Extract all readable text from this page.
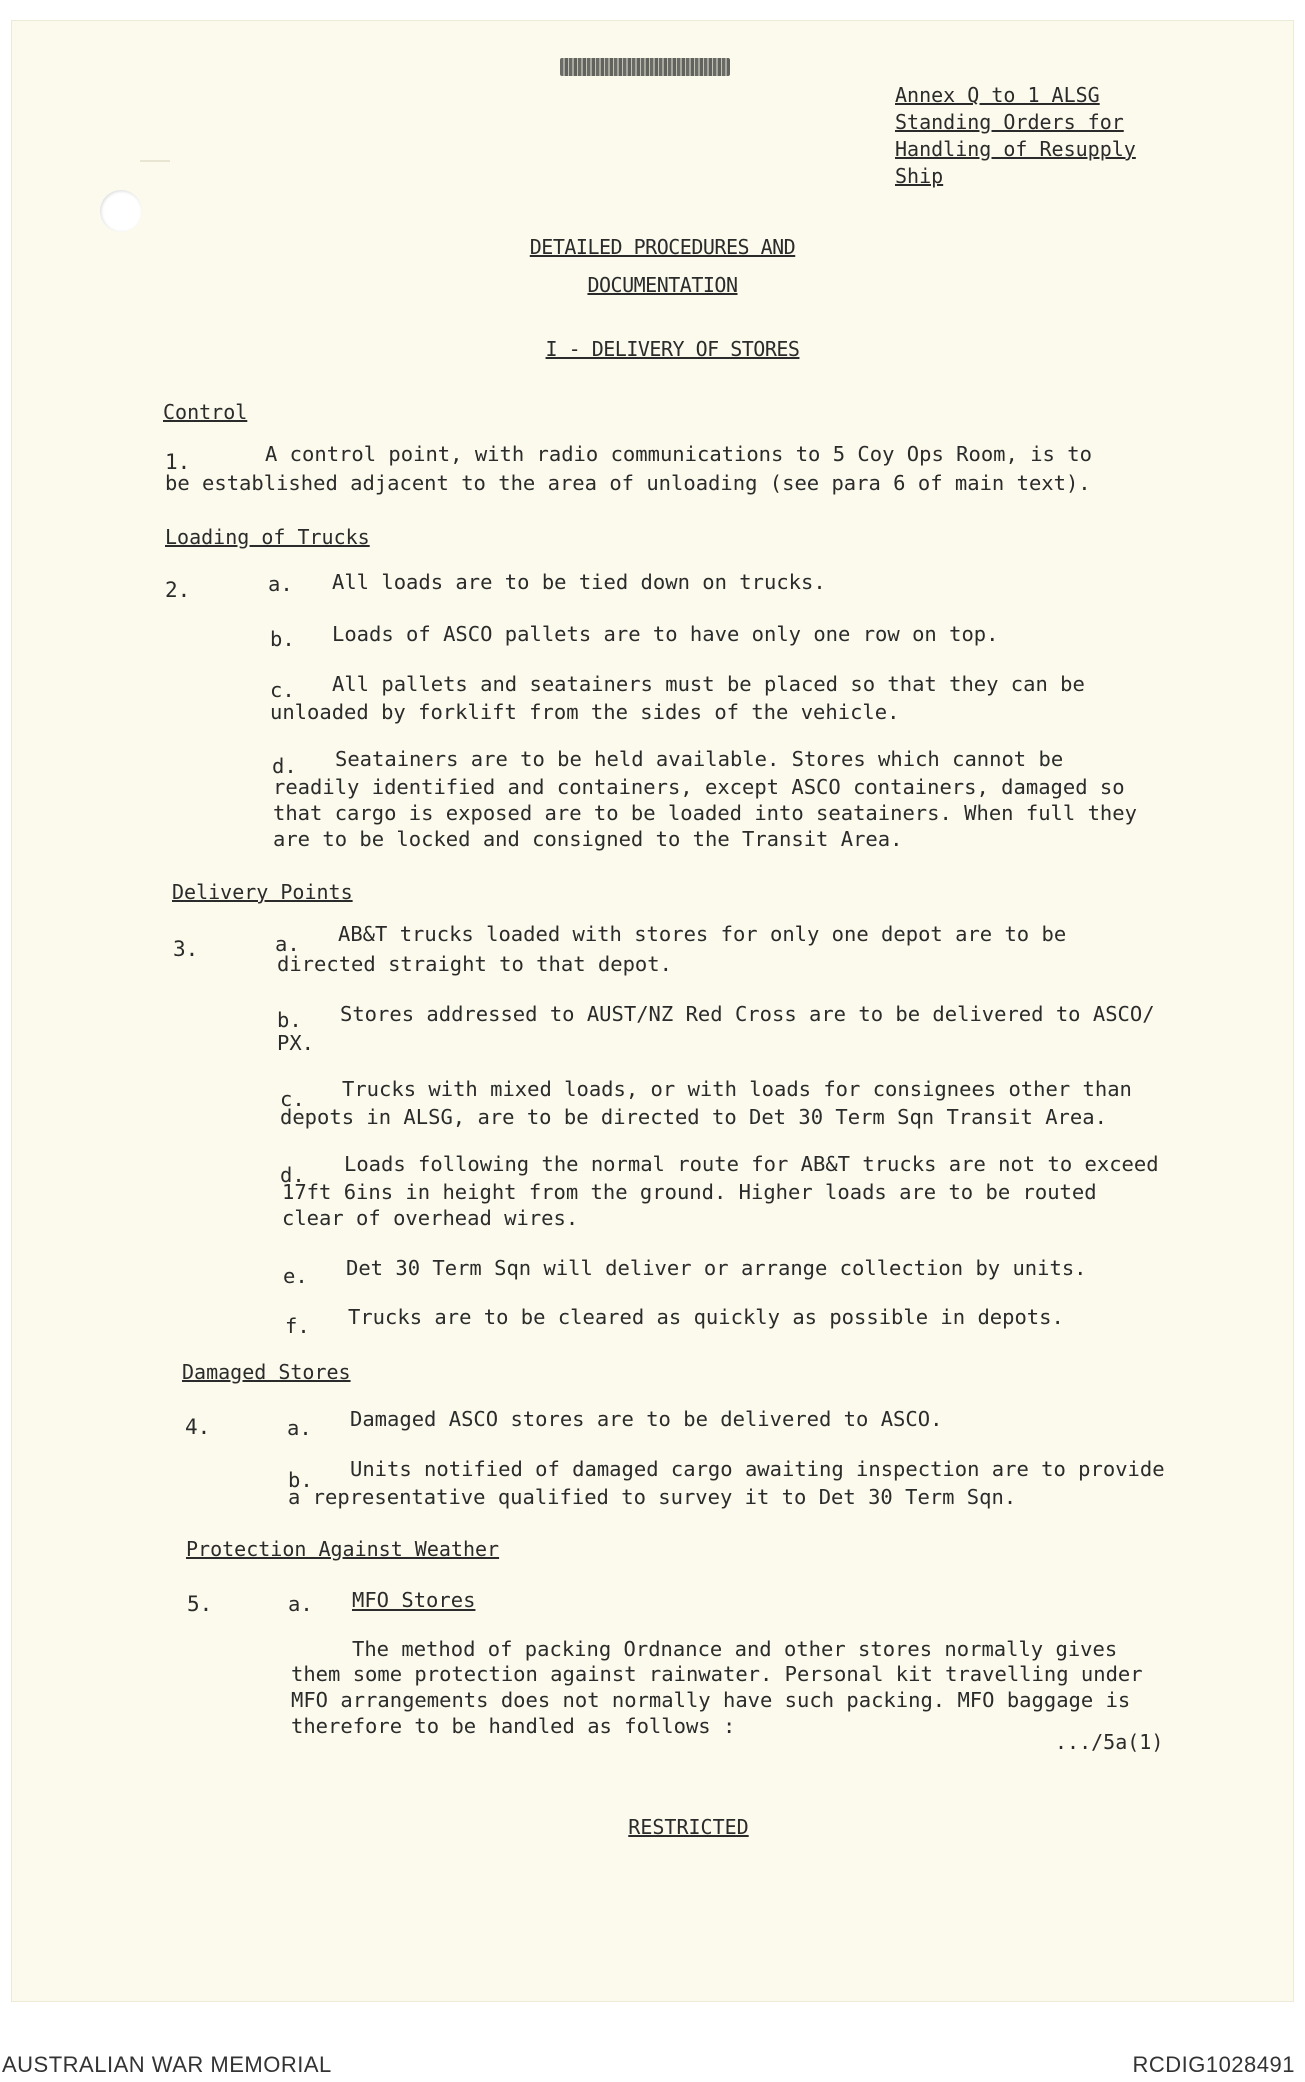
Annex Q to 1 ALSG
Standing Orders for
Handling of Resupply
Ship
DETAILED PROCEDURES AND
DOCUMENTATION
I - DELIVERY OF STORES
Control
1.	A control point, with radio communications to 5 Coy Ops Room, is to
be established adjacent to the area of unloading (see para 6 of main text).
Loading of Trucks
2.	a. All loads are to be tied down on trucks.
b. Loads of ASCO pallets are to have only one row on top.
c. All pallets and seatainers must be placed so that they can be
unloaded by forklift from the sides of the vehicle.
d. Seatainers are to be held available. Stores which cannot be
readily identified and containers, except ASCO containers, damaged so
that cargo is exposed are to be loaded into seatainers. When full they
are to be locked and consigned to the Transit Area.
Delivery Points
3.	a. AB&T trucks loaded with stores for only one depot are to be
directed straight to that depot.
b. Stores addressed to AUST/NZ Red Cross are to be delivered to ASCO/
PX.
c. Trucks with mixed loads, or with loads for consignees other than
depots in ALSG, are to be directed to Det 30 Term Sqn Transit Area.
d. Loads following the normal route for AB&T trucks are not to exceed
17ft 6ins in height from the ground. Higher loads are to be routed
clear of overhead wires.
e. Det 30 Term Sqn will deliver or arrange collection by units.
f. Trucks are to be cleared as quickly as possible in depots.
Damaged Stores
4.	a. Damaged ASCO stores are to be delivered to ASCO.
b. Units notified of damaged cargo awaiting inspection are to provide
a representative qualified to survey it to Det 30 Term Sqn.
Protection Against Weather
5.	a. MFO Stores
The method of packing Ordnance and other stores normally gives
them some protection against rainwater. Personal kit travelling under
MFO arrangements does not normally have such packing. MFO baggage is
therefore to be handled as follows :
.../5a(1)
RESTRICTED
AUSTRALIAN WAR MEMORIAL	RCDIG1028491
